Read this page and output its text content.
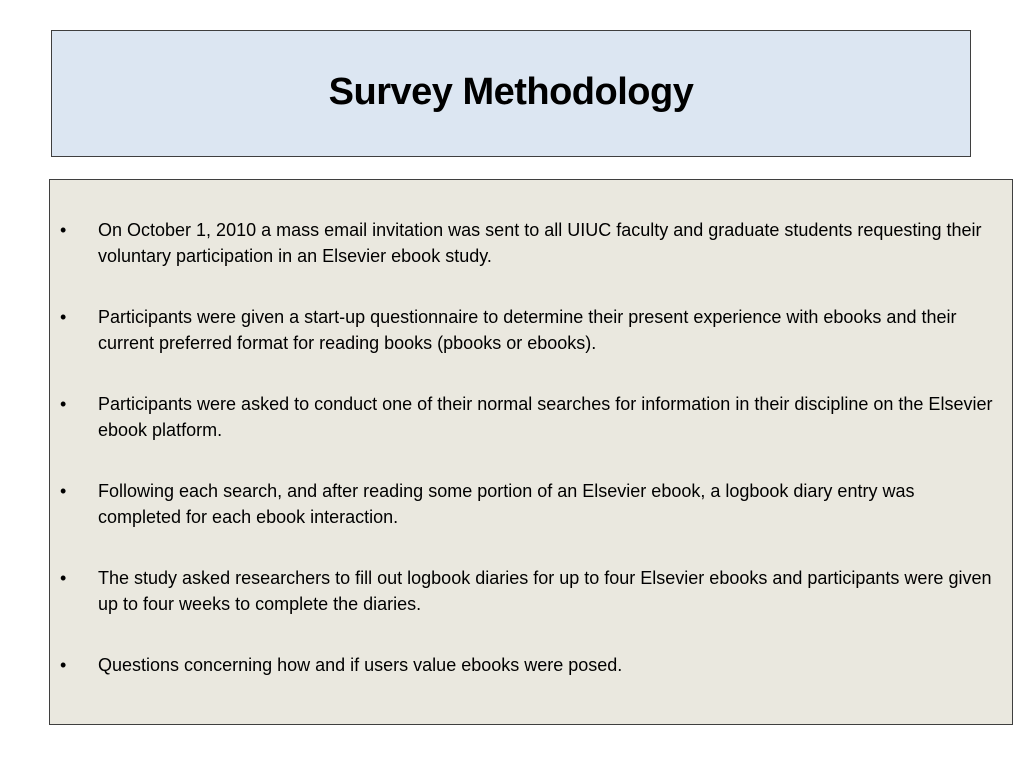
Survey Methodology
• On October 1, 2010 a mass email invitation was sent to all UIUC faculty and graduate students requesting their voluntary participation in an Elsevier ebook study.
• Participants were given a start-up questionnaire to determine their present experience with ebooks and their current preferred format for reading books (pbooks or ebooks).
• Participants were asked to conduct one of their normal searches for information in their discipline on the Elsevier ebook platform.
• Following each search, and after reading some portion of an Elsevier ebook, a logbook diary entry was completed for each ebook interaction.
• The study asked researchers to fill out logbook diaries for up to four Elsevier ebooks and participants were given up to four weeks to complete the diaries.
• Questions concerning how and if users value ebooks were posed.
